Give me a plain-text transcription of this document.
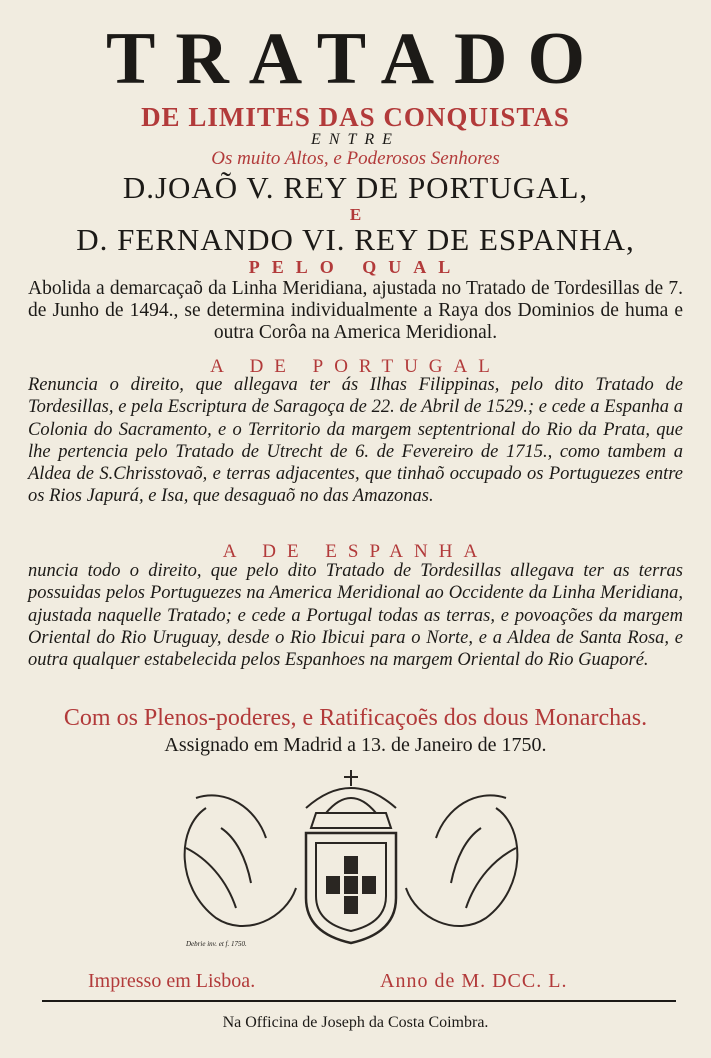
TRATADO
DE LIMITES DAS CONQUISTAS
ENTRE
Os muito Altos, e Poderosos Senhores
D.JOAÕ V. REY DE PORTUGAL,
E
D. FERNANDO VI. REY DE ESPANHA,
PELO QUAL
Abolida a demarcaçaõ da Linha Meridiana, ajustada no Tratado de Tordesillas de 7. de Junho de 1494., se determina individualmente a Raya dos Dominios de huma e outra Corôa na America Meridional.
A DE PORTUGAL
Renuncia o direito, que allegava ter ás Ilhas Filippinas, pelo dito Tratado de Tordesillas, e pela Escriptura de Saragoça de 22. de Abril de 1529.; e cede a Espanha a Colonia do Sacramento, e o Territorio da margem septentrional do Rio da Prata, que lhe pertencia pelo Tratado de Utrecht de 6. de Fevereiro de 1715., como tambem a Aldea de S.Chrisstovaõ, e terras adjacentes, que tinhaõ occupado os Portuguezes entre os Rios Japurá, e Isa, que desaguaõ no das Amazonas.
A DE ESPANHA
nuncia todo o direito, que pelo dito Tratado de Tordesillas allegava ter as terras possuidas pelos Portuguezes na America Meridional ao Occidente da Linha Meridiana, ajustada naquelle Tratado; e cede a Portugal todas as terras, e povoações da margem Oriental do Rio Uruguay, desde o Rio Ibicui para o Norte, e a Aldea de Santa Rosa, e outra qualquer estabelecida pelos Espanhoes na margem Oriental do Rio Guaporé.
Com os Plenos-poderes, e Ratificaçoẽs dos dous Monarchas.
Assignado em Madrid a 13. de Janeiro de 1750.
Debrie inv. et f. 1750.
Impresso em Lisboa.	Anno de M. DCC. L.
Na Officina de Joseph da Costa Coimbra.
